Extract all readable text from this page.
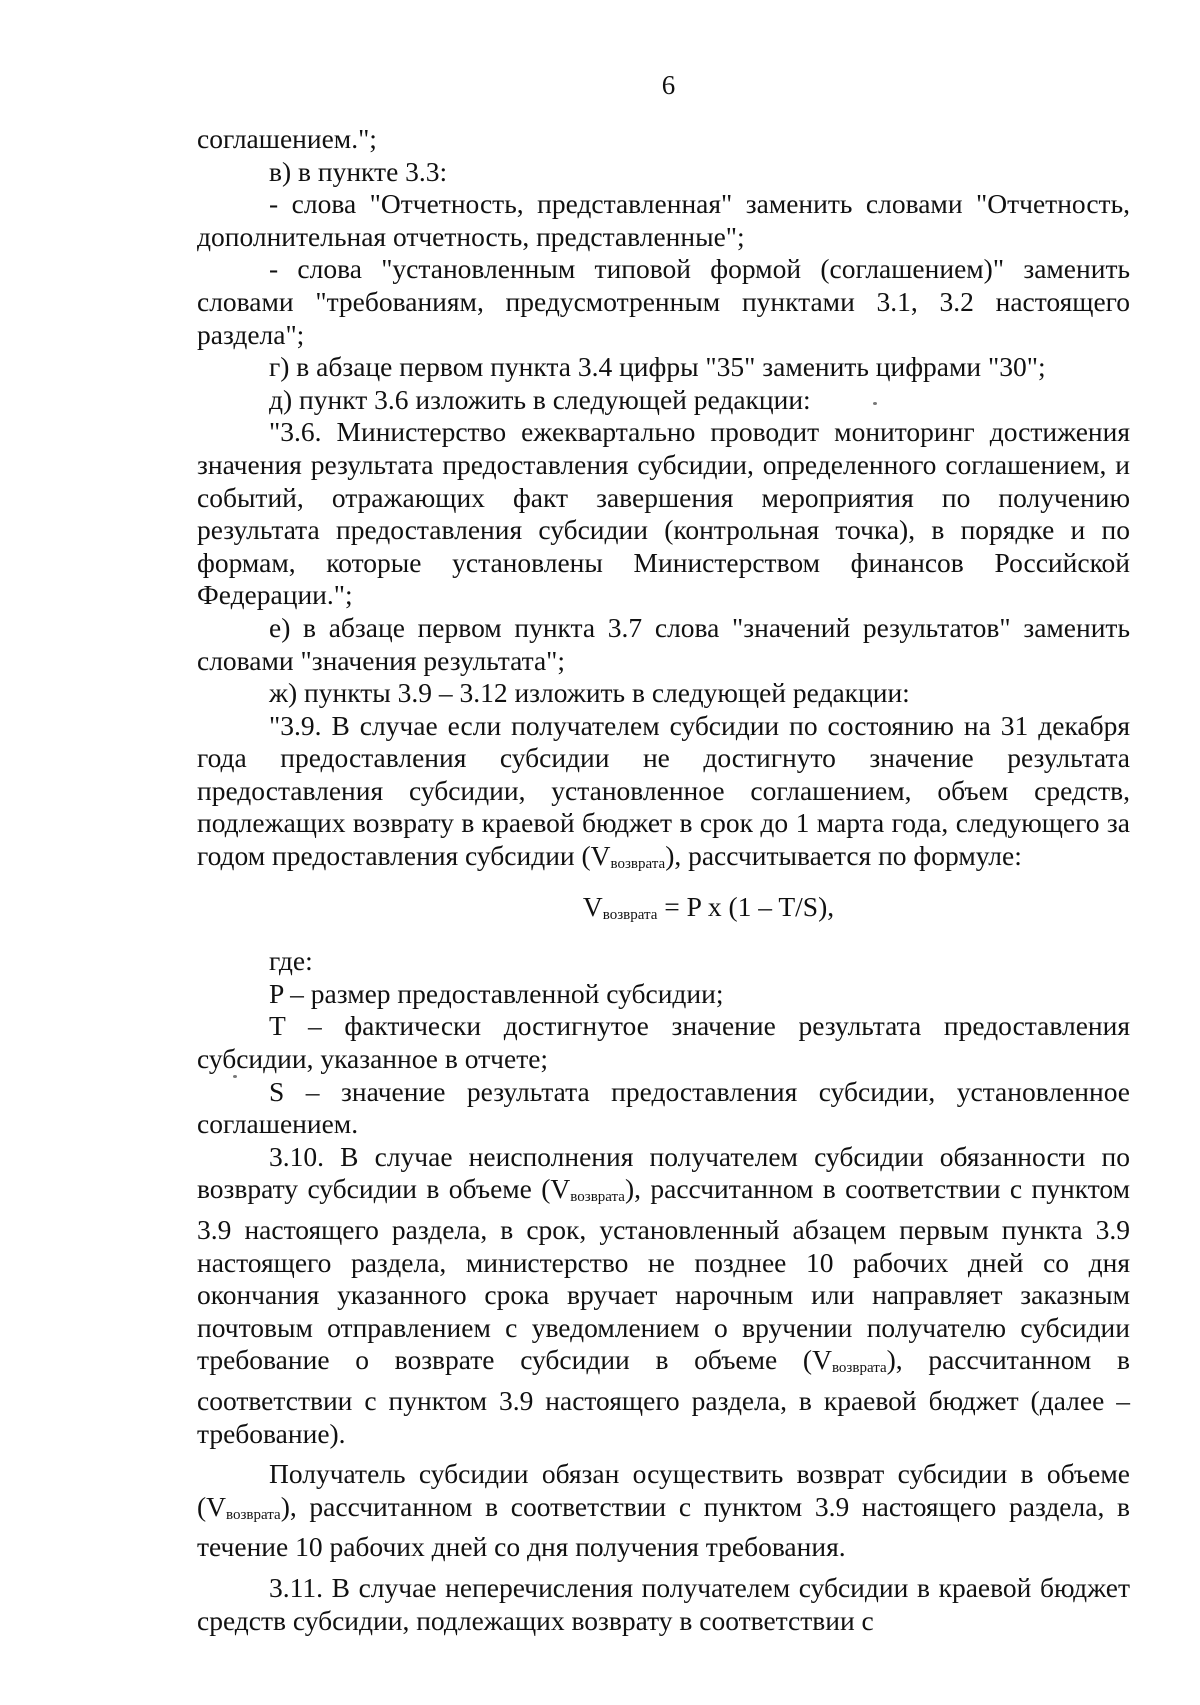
6

соглашением.";

в) в пункте 3.3:

- слова "Отчетность, представленная" заменить словами "Отчетность, дополнительная отчетность, представленные";

- слова "установленным типовой формой (соглашением)" заменить словами "требованиям, предусмотренным пунктами 3.1, 3.2 настоящего раздела";

г) в абзаце первом пункта 3.4 цифры "35" заменить цифрами "30";

д) пункт 3.6 изложить в следующей редакции:

"3.6. Министерство ежеквартально проводит мониторинг достижения значения результата предоставления субсидии, определенного соглашением, и событий, отражающих факт завершения мероприятия по получению результата предоставления субсидии (контрольная точка), в порядке и по формам, которые установлены Министерством финансов Российской Федерации.";

е) в абзаце первом пункта 3.7 слова "значений результатов" заменить словами "значения результата";

ж) пункты 3.9 – 3.12 изложить в следующей редакции:

"3.9. В случае если получателем субсидии по состоянию на 31 декабря года предоставления субсидии не достигнуто значение результата предоставления субсидии, установленное соглашением, объем средств, подлежащих возврату в краевой бюджет в срок до 1 марта года, следующего за годом предоставления субсидии $(V_{возврата})$, рассчитывается по формуле:

$V_{возврата} = P$ x (1 – T/S),

где:

P – размер предоставленной субсидии;

T – фактически достигнутое значение результата предоставления субсидии, указанное в отчете;

S – значение результата предоставления субсидии, установленное соглашением.

3.10. В случае неисполнения получателем субсидии обязанности по возврату субсидии в объеме $(V_{возврата})$, рассчитанном в соответствии с пунктом 3.9 настоящего раздела, в срок, установленный абзацем первым пункта 3.9 настоящего раздела, министерство не позднее 10 рабочих дней со дня окончания указанного срока вручает нарочным или направляет заказным почтовым отправлением с уведомлением о вручении получателю субсидии требование о возврате субсидии в объеме $(V_{возврата})$, рассчитанном в соответствии с пунктом 3.9 настоящего раздела, в краевой бюджет (далее – требование).

Получатель субсидии обязан осуществить возврат субсидии в объеме $(V_{возврата})$, рассчитанном в соответствии с пунктом 3.9 настоящего раздела, в течение 10 рабочих дней со дня получения требования.

3.11. В случае неперечисления получателем субсидии в краевой бюджет средств субсидии, подлежащих возврату в соответствии с
